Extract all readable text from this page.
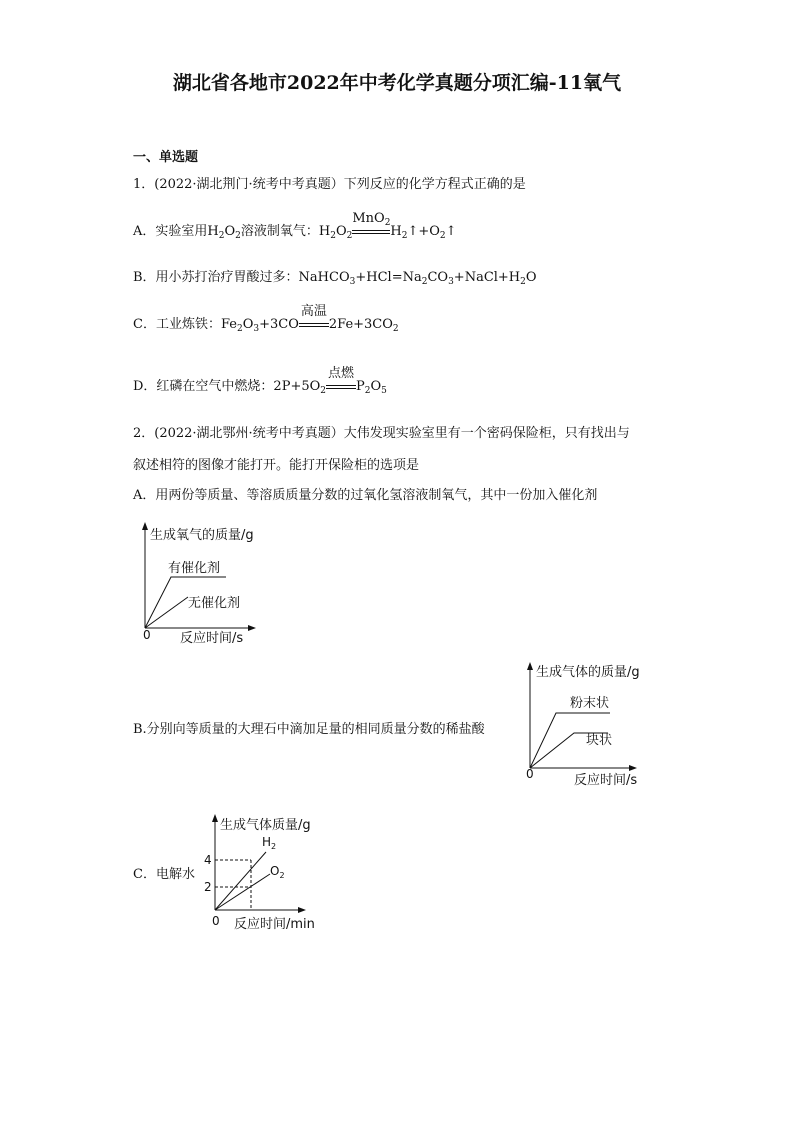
湖北省各地市2022年中考化学真题分项汇编-11氧气
一、单选题
1．(2022·湖北荆门·统考中考真题）下列反应的化学方程式正确的是
A．实验室用$H_2O_2$溶液制氧气：$H_2O_2$
MnO$_2$
$H_2↑+O_2↑$
B．用小苏打治疗胃酸过多：$NaHCO_3+HCl=Na_2CO_3+NaCl+H_2O$
C．工业炼铁：$Fe_2O_3+3CO$
高温
$2Fe+3CO_2$
D．红磷在空气中燃烧：$2P+5O_2$
点燃
$P_2O_5$
2．(2022·湖北鄂州·统考中考真题）大伟发现实验室里有一个密码保险柜，只有找出与
叙述相符的图像才能打开。能打开保险柜的选项是
A．用两份等质量、等溶质质量分数的过氧化氢溶液制氧气，其中一份加入催化剂
生成氧气的质量/g
反应时间/s
0
有催化剂
无催化剂
B.分别向等质量的大理石中滴加足量的相同质量分数的稀盐酸
生成气体的质量/g
反应时间/s
0
粉末状
块状
C．电解水
生成气体质量/g
反应时间/min
0
4
2
$H_2$
$O_2$
